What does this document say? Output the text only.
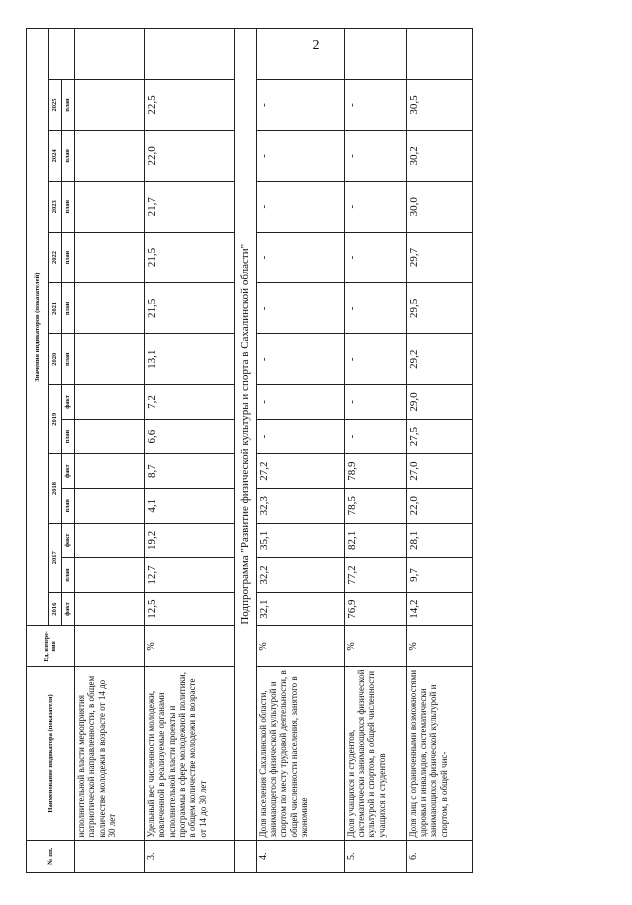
2
№ пп.	Наименование индикатора (показателя)	Ед. измере-ния	Значения индикаторов (показателей)													
			2016	2017		2018		2019		2020	2021	2022	2023	2024	2025	
			факт	план	факт	план	факт	план	факт	план	план	план	план	план	план	

	исполнительной власти мероприятия патриотической направленности, в общем количестве молодежи в возрасте от 14 до 30 лет															
3.	Удельный вес численности молодежи, вовлеченной в реализуемые органами исполнительной власти проекты и программы в сфере молодежной политики, в общем количестве молодежи в возрасте от 14 до 30 лет	%	12,5	12,7	19,2	4,1	8,7	6,6	7,2	13,1	21,5	21,5	21,7	22,0	22,5	
	Подпрограмма "Развитие физической культуры и спорта в Сахалинской области"															
4.	Доля населения Сахалинской области, занимающегося физической культурой и спортом по месту трудовой деятельности, в общей численности населения, занятого в экономике	%	32,1	32,2	35,1	32,3	27,2	-	-	-	-	-	-	-	-	
5.	Доля учащихся и студентов, систематически занимающихся физической культурой и спортом, в общей численности учащихся и студентов	%	76,9	77,2	82,1	78,5	78,9	-	-	-	-	-	-	-	-	
6.	Доля лиц с ограниченными возможностями здоровья и инвалидов, систематически занимающихся физической культурой и спортом, в общей чис-	%	14,2	9,7	28,1	22,0	27,0	27,5	29,0	29,2	29,5	29,7	30,0	30,2	30,5	
